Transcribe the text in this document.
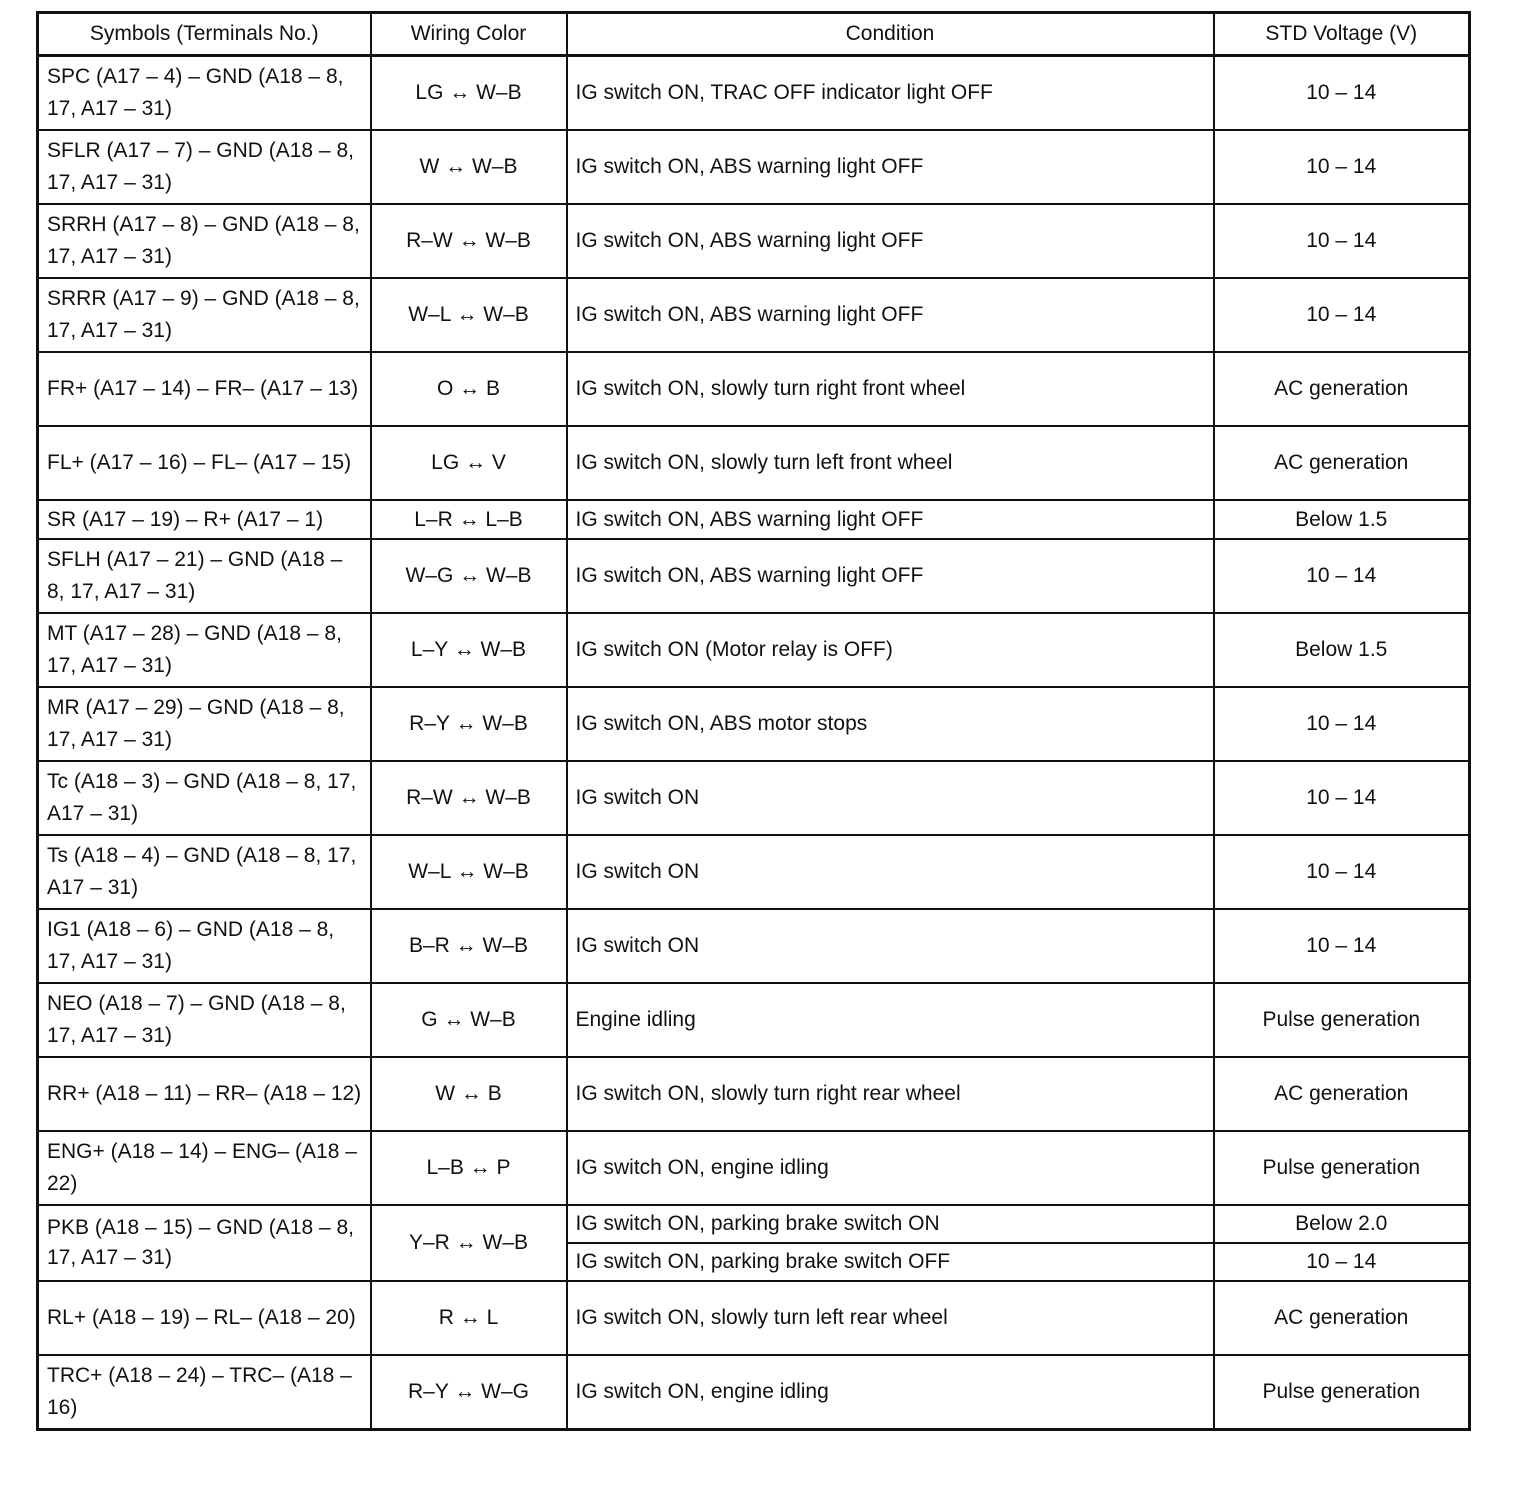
Symbols (Terminals No.)	Wiring Color	Condition	STD Voltage (V)
SPC (A17 – 4) – GND (A18 – 8, 17, A17 – 31)	LG ↔ W–B	IG switch ON, TRAC OFF indicator light OFF	10 – 14
SFLR (A17 – 7) – GND (A18 – 8, 17, A17 – 31)	W ↔ W–B	IG switch ON, ABS warning light OFF	10 – 14
SRRH (A17 – 8) – GND (A18 – 8, 17, A17 – 31)	R–W ↔ W–B	IG switch ON, ABS warning light OFF	10 – 14
SRRR (A17 – 9) – GND (A18 – 8, 17, A17 – 31)	W–L ↔ W–B	IG switch ON, ABS warning light OFF	10 – 14
FR+ (A17 – 14) – FR– (A17 – 13)	O ↔ B	IG switch ON, slowly turn right front wheel	AC generation
FL+ (A17 – 16) – FL– (A17 – 15)	LG ↔ V	IG switch ON, slowly turn left front wheel	AC generation
SR (A17 – 19) – R+ (A17 – 1)	L–R ↔ L–B	IG switch ON, ABS warning light OFF	Below 1.5
SFLH (A17 – 21) – GND (A18 – 8, 17, A17 – 31)	W–G ↔ W–B	IG switch ON, ABS warning light OFF	10 – 14
MT (A17 – 28) – GND (A18 – 8, 17, A17 – 31)	L–Y ↔ W–B	IG switch ON (Motor relay is OFF)	Below 1.5
MR (A17 – 29) – GND (A18 – 8, 17, A17 – 31)	R–Y ↔ W–B	IG switch ON, ABS motor stops	10 – 14
Tc (A18 – 3) – GND (A18 – 8, 17, A17 – 31)	R–W ↔ W–B	IG switch ON	10 – 14
Ts (A18 – 4) – GND (A18 – 8, 17, A17 – 31)	W–L ↔ W–B	IG switch ON	10 – 14
IG1 (A18 – 6) – GND (A18 – 8, 17, A17 – 31)	B–R ↔ W–B	IG switch ON	10 – 14
NEO (A18 – 7) – GND (A18 – 8, 17, A17 – 31)	G ↔ W–B	Engine idling	Pulse generation
RR+ (A18 – 11) – RR– (A18 – 12)	W ↔ B	IG switch ON, slowly turn right rear wheel	AC generation
ENG+ (A18 – 14) – ENG– (A18 – 22)	L–B ↔ P	IG switch ON, engine idling	Pulse generation
PKB (A18 – 15) – GND (A18 – 8, 17, A17 – 31)	Y–R ↔ W–B	IG switch ON, parking brake switch ON	Below 2.0
		IG switch ON, parking brake switch OFF	10 – 14
RL+ (A18 – 19) – RL– (A18 – 20)	R ↔ L	IG switch ON, slowly turn left rear wheel	AC generation
TRC+ (A18 – 24) – TRC– (A18 – 16)	R–Y ↔ W–G	IG switch ON, engine idling	Pulse generation
